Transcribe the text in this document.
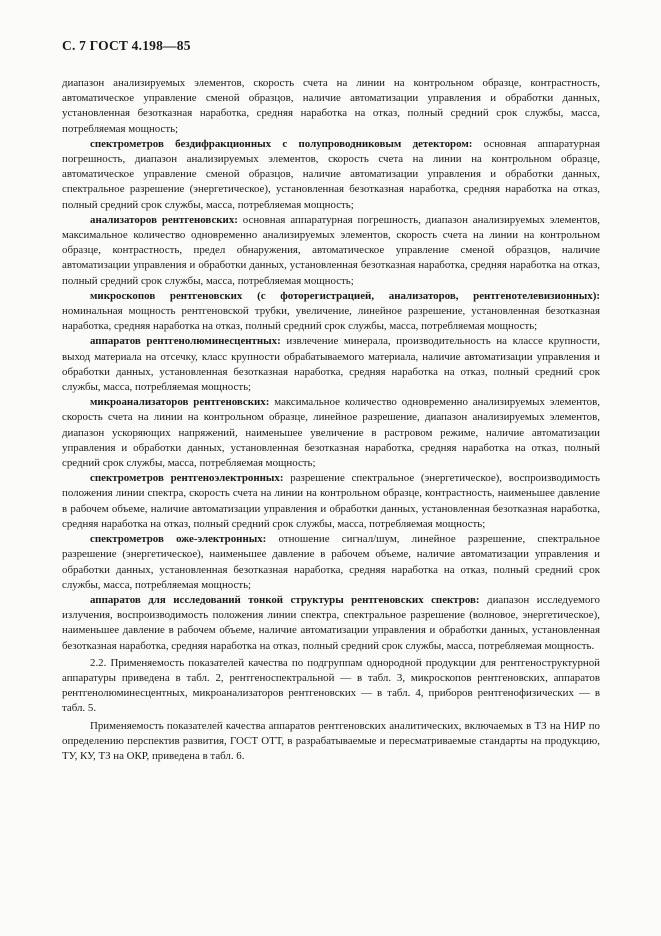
С. 7 ГОСТ 4.198—85

диапазон анализируемых элементов, скорость счета на линии на контрольном образце, контрастность, автоматическое управление сменой образцов, наличие автоматизации управления и обработки данных, установленная безотказная наработка, средняя наработка на отказ, полный средний срок службы, масса, потребляемая мощность;

спектрометров бездифракционных с полупроводниковым детектором: основная аппаратурная погрешность, диапазон анализируемых элементов, скорость счета на линии на контрольном образце, автоматическое управление сменой образцов, наличие автоматизации управления и обработки данных, спектральное разрешение (энергетическое), установленная безотказная наработка, средняя наработка на отказ, полный средний срок службы, масса, потребляемая мощность;

анализаторов рентгеновских: основная аппаратурная погрешность, диапазон анализируемых элементов, максимальное количество одновременно анализируемых элементов, скорость счета на линии на контрольном образце, контрастность, предел обнаружения, автоматическое управление сменой образцов, наличие автоматизации управления и обработки данных, установленная безотказная наработка, средняя наработка на отказ, полный средний срок службы, масса, потребляемая мощность;

микроскопов рентгеновских (с фоторегистрацией, анализаторов, рентгенотелевизионных): номинальная мощность рентгеновской трубки, увеличение, линейное разрешение, установленная безотказная наработка, средняя наработка на отказ, полный средний срок службы, масса, потребляемая мощность;

аппаратов рентгенолюминесцентных: извлечение минерала, производительность на классе крупности, выход материала на отсечку, класс крупности обрабатываемого материала, наличие автоматизации управления и обработки данных, установленная безотказная наработка, средняя наработка на отказ, полный средний срок службы, масса, потребляемая мощность;

микроанализаторов рентгеновских: максимальное количество одновременно анализируемых элементов, скорость счета на линии на контрольном образце, линейное разрешение, диапазон анализируемых элементов, диапазон ускоряющих напряжений, наименьшее увеличение в растровом режиме, наличие автоматизации управления и обработки данных, установленная безотказная наработка, средняя наработка на отказ, полный средний срок службы, масса, потребляемая мощность;

спектрометров рентгеноэлектронных: разрешение спектральное (энергетическое), воспроизводимость положения линии спектра, скорость счета на линии на контрольном образце, контрастность, наименьшее давление в рабочем объеме, наличие автоматизации управления и обработки данных, установленная безотказная наработка, средняя наработка на отказ, полный средний срок службы, масса, потребляемая мощность;

спектрометров оже-электронных: отношение сигнал/шум, линейное разрешение, спектральное разрешение (энергетическое), наименьшее давление в рабочем объеме, наличие автоматизации управления и обработки данных, установленная безотказная наработка, средняя наработка на отказ, полный средний срок службы, масса, потребляемая мощность;

аппаратов для исследований тонкой структуры рентгеновских спектров: диапазон исследуемого излучения, воспроизводимость положения линии спектра, спектральное разрешение (волновое, энергетическое), наименьшее давление в рабочем объеме, наличие автоматизации управления и обработки данных, установленная безотказная наработка, средняя наработка на отказ, полный средний срок службы, масса, потребляемая мощность.

2.2. Применяемость показателей качества по подгруппам однородной продукции для рентгеноструктурной аппаратуры приведена в табл. 2, рентгеноспектральной — в табл. 3, микроскопов рентгеновских, аппаратов рентгенолюминесцентных, микроанализаторов рентгеновских — в табл. 4, приборов рентгенофизических — в табл. 5.

Применяемость показателей качества аппаратов рентгеновских аналитических, включаемых в ТЗ на НИР по определению перспектив развития, ГОСТ ОТТ, в разрабатываемые и пересматриваемые стандарты на продукцию, ТУ, КУ, ТЗ на ОКР, приведена в табл. 6.
